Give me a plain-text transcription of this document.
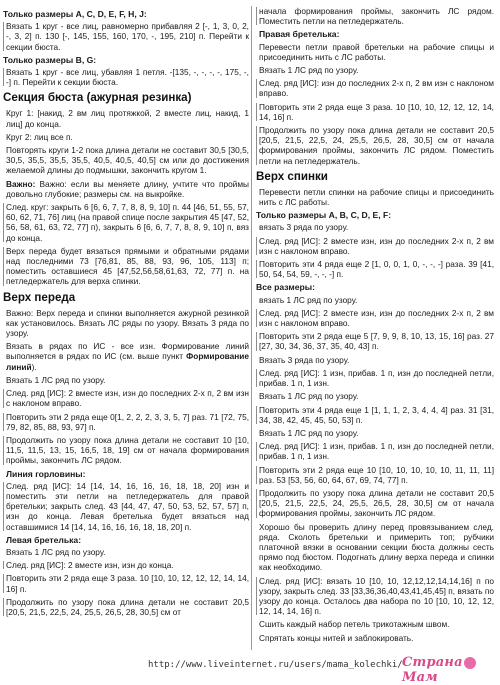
Только размеры A, C, D, E, F, H, J:

Вязать 1 круг - все лиц, равномерно прибавляя 2 [-, 1, 3, 0, 2, -, 3, 2] п. 130 [-, 145, 155, 160, 170, -, 195, 210] п. Перейти к секции бюста.

Только размеры B, G:

Вязать 1 круг - все лиц, убавляя 1 петля. -[135, -, -, -, -, 175, -, -] п. Перейти к секции бюста.

Секция бюста (ажурная резинка)

Круг 1: [накид, 2 вм лиц протяжкой, 2 вместе лиц, накид, 1 лиц] до конца.

Круг 2: лиц все п.

Повторять круги 1-2 пока длина детали не составит 30,5 [30,5, 30,5, 35,5, 35,5, 35,5, 40,5, 40,5, 40,5] см или до достижения желаемой длины до подмышки, закончить кругом 1.

Важно: Важно: если вы меняете длину, учтите что проймы довольно глубокие; размеры см. на выкройке.

След. круг: закрыть 6 [6, 6, 7, 7, 8, 8, 9, 10] п. 44 [46, 51, 55, 57, 60, 62, 71, 76] лиц (на правой спице после закрытия 45 [47, 52, 56, 58, 61, 63, 72, 77] п), закрыть 6 [6, 6, 7, 7, 8, 8, 9, 10] п, вяз до конца.

Верх переда будет вязаться прямыми и обратными рядами над последними 73 [76,81, 85, 88, 93, 96, 105, 113] п; поместить оставшиеся 45 [47,52,56,58,61,63, 72, 77] п. на петледержатель для верха спинки.

Верх переда

Важно: Верх переда и спинки выполняется ажурной резинкой как установилось. Вязать ЛС ряды по узору. Вязать 3 ряда по узору.

Вязать в рядах по ИС - все изн. Формирование линий выполняется в рядах по ИС (см. выше пункт Формирование линий).

Вязать 1 ЛС ряд по узору.

След. ряд [ИС]: 2 вместе изн, изн до последних 2-х п, 2 вм изн с наклоном вправо.

Повторить эти 2 ряда еще 0[1, 2, 2, 2, 3, 3, 5, 7] раз. 71 [72, 75, 79, 82, 85, 88, 93, 97] п.

Продолжить по узору пока длина детали не составит 10 [10, 11,5, 11,5, 13, 15, 16,5, 18, 19] см от начала формирования проймы, закончить ЛС рядом.

Линия горловины:

След. ряд [ИС]: 14 [14, 14, 16, 16, 16, 18, 18, 20] изн и поместить эти петли на петледержатель для правой бретельки; закрыть след. 43 [44, 47, 47, 50, 53, 52, 57, 57] п, изн до конца. Левая бретелька будет вязаться над оставшимися 14 [14, 14, 16, 16, 16, 18, 18, 20] п.

Левая бретелька:

Вязать 1 ЛС ряд по узору.

След. ряд [ИС]: 2 вместе изн, изн до конца.

Повторить эти 2 ряда еще 3 раза. 10 [10, 10, 12, 12, 12, 14, 14, 16] п.

Продолжить по узору пока длина детали не составит 20,5 [20,5, 21,5, 22,5, 24, 25,5, 26,5, 28, 30,5] см от

начала формирования проймы, закончить ЛС рядом. Поместить петли на петледержатель.

Правая бретелька:

Перевести петли правой бретельки на рабочие спицы и присоединить нить с ЛС работы.

Вязать 1 ЛС ряд по узору.

След. ряд [ИС]: изн до последних 2-х п, 2 вм изн с наклоном вправо.

Повторить эти 2 ряда еще 3 раза. 10 [10, 10, 12, 12, 12, 14, 14, 16] п.

Продолжить по узору пока длина детали не составит 20,5 [20,5, 21,5, 22,5, 24, 25,5, 26,5, 28, 30,5] см от начала формирования проймы, закончить ЛС рядом. Поместить петли на петледержатель.

Верх спинки

Перевести петли спинки на рабочие спицы и присоединить нить с ЛС работы.

Только размеры A, B, C, D, E, F:

вязать 3 ряда по узору.

След. ряд [ИС]: 2 вместе изн, изн до последних 2-х п, 2 вм изн с наклоном вправо.

Повторить эти 4 ряда еще 2 [1, 0, 0, 1, 0, -, -, -] раза. 39 [41, 50, 54, 54, 59, -, -, -] п.

Все размеры:

вязать 1 ЛС ряд по узору.

След. ряд [ИС]: 2 вместе изн, изн до последних 2-х п, 2 вм изн с наклоном вправо.

Повторить эти 2 ряда еще 5 [7, 9, 9, 8, 10, 13, 15, 16] раз. 27 [27, 30, 34, 36, 37, 35, 40, 43] п.

Вязать 3 ряда по узору.

След. ряд [ИС]: 1 изн, прибав. 1 п, изн до последней петли, прибав. 1 п, 1 изн.

Вязать 1 ЛС ряд по узору.

Повторить эти 4 ряда еще 1 [1, 1, 1, 2, 3, 4, 4, 4] раз. 31 [31, 34, 38, 42, 45, 45, 50, 53] п.

Вязать 1 ЛС ряд по узору.

След. ряд [ИС]: 1 изн, прибав. 1 п, изн до последней петли, прибав. 1 п, 1 изн.

Повторить эти 2 ряда еще 10 [10, 10, 10, 10, 10, 11, 11, 11] раз. 53 [53, 56, 60, 64, 67, 69, 74, 77] п.

Продолжить по узору пока длина детали не составит 20,5 [20,5, 21,5, 22,5, 24, 25,5, 26,5, 28, 30,5] см от начала формирования проймы, закончить ЛС рядом.

Хорошо бы проверить длину перед провязыванием след. ряда. Сколоть бретельки и примерить топ; рубчики платочной вязки в основании секции бюста должны сесть прямо под бюстом. Подогнать длину верха переда и спинки как необходимо.

След. ряд [ИС]: вязать 10 [10, 10, 12,12,12,14,14,16] п по узору, закрыть след. 33 [33,36,36,40,43,41,45,45] п, вязать по узору до конца. Осталось два набора по 10 [10, 10, 12, 12, 12, 14, 14, 16] п.

Сшить каждый набор петель трикотажным швом.

Спрятать концы нитей и заблокировать.

http://www.liveinternet.ru/users/mama_kolechki/ Страна Мам
